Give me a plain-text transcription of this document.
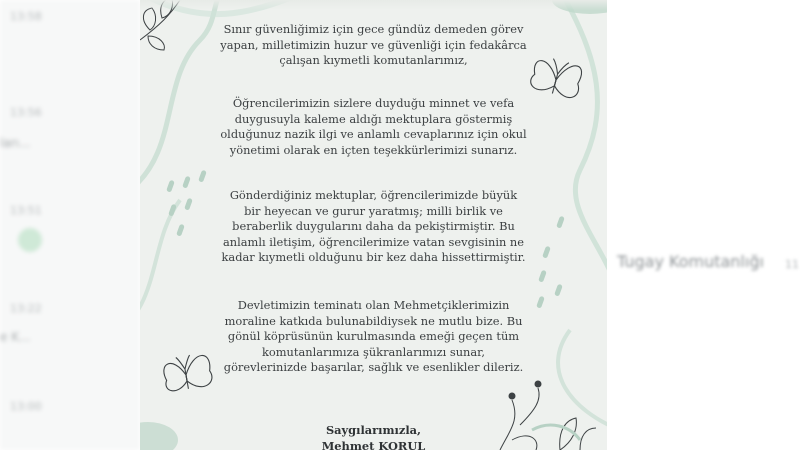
13:58
13:56
ları...
13:51
13:22
e K...
13:00
Tugay Komutanlığı 11
Sınır güvenliğimiz için gece gündüz demeden görev
yapan, milletimizin huzur ve güvenliği için fedakârca
çalışan kıymetli komutanlarımız,
Öğrencilerimizin sizlere duyduğu minnet ve vefa
duygusuyla kaleme aldığı mektuplara göstermiş
olduğunuz nazik ilgi ve anlamlı cevaplarınız için okul
yönetimi olarak en içten teşekkürlerimizi sunarız.
Gönderdiğiniz mektuplar, öğrencilerimizde büyük
bir heyecan ve gurur yaratmış; milli birlik ve
beraberlik duygularını daha da pekiştirmiştir. Bu
anlamlı iletişim, öğrencilerimize vatan sevgisinin ne
kadar kıymetli olduğunu bir kez daha hissettirmiştir.
Devletimizin teminatı olan Mehmetçiklerimizin
moraline katkıda bulunabildiysek ne mutlu bize. Bu
gönül köprüsünün kurulmasında emeği geçen tüm
komutanlarımıza şükranlarımızı sunar,
görevlerinizde başarılar, sağlık ve esenlikler dileriz.
Saygılarımızla,
Mehmet KORUL
